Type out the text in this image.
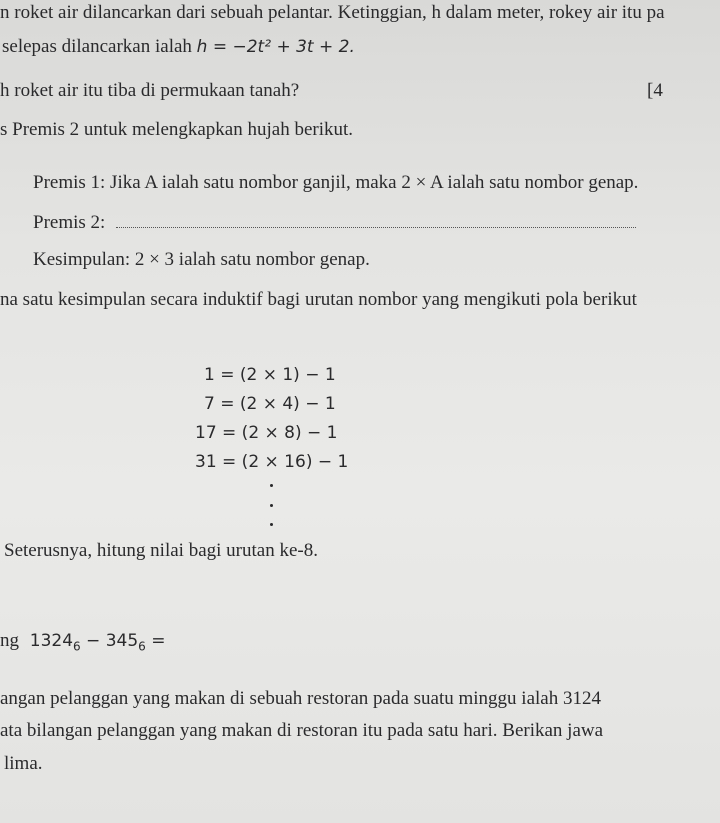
n roket air dilancarkan dari sebuah pelantar. Ketinggian, h dalam meter, rokey air itu pa
selepas dilancarkan ialah h = −2t² + 3t + 2.
h roket air itu tiba di permukaan tanah?	[4
s Premis 2 untuk melengkapkan hujah berikut.
Premis 1: Jika A ialah satu nombor ganjil, maka 2 × A ialah satu nombor genap.
Premis 2:
Kesimpulan: 2 × 3 ialah satu nombor genap.
na satu kesimpulan secara induktif bagi urutan nombor yang mengikuti pola berikut
1 = (2 × 1) − 1
7 = (2 × 4) − 1
17 = (2 × 8) − 1
31 = (2 × 16) − 1
Seterusnya, hitung nilai bagi urutan ke-8.
ng $1324_6 - 345_6$ =
angan pelanggan yang makan di sebuah restoran pada suatu minggu ialah 3124
ata bilangan pelanggan yang makan di restoran itu pada satu hari. Berikan jawa
lima.
